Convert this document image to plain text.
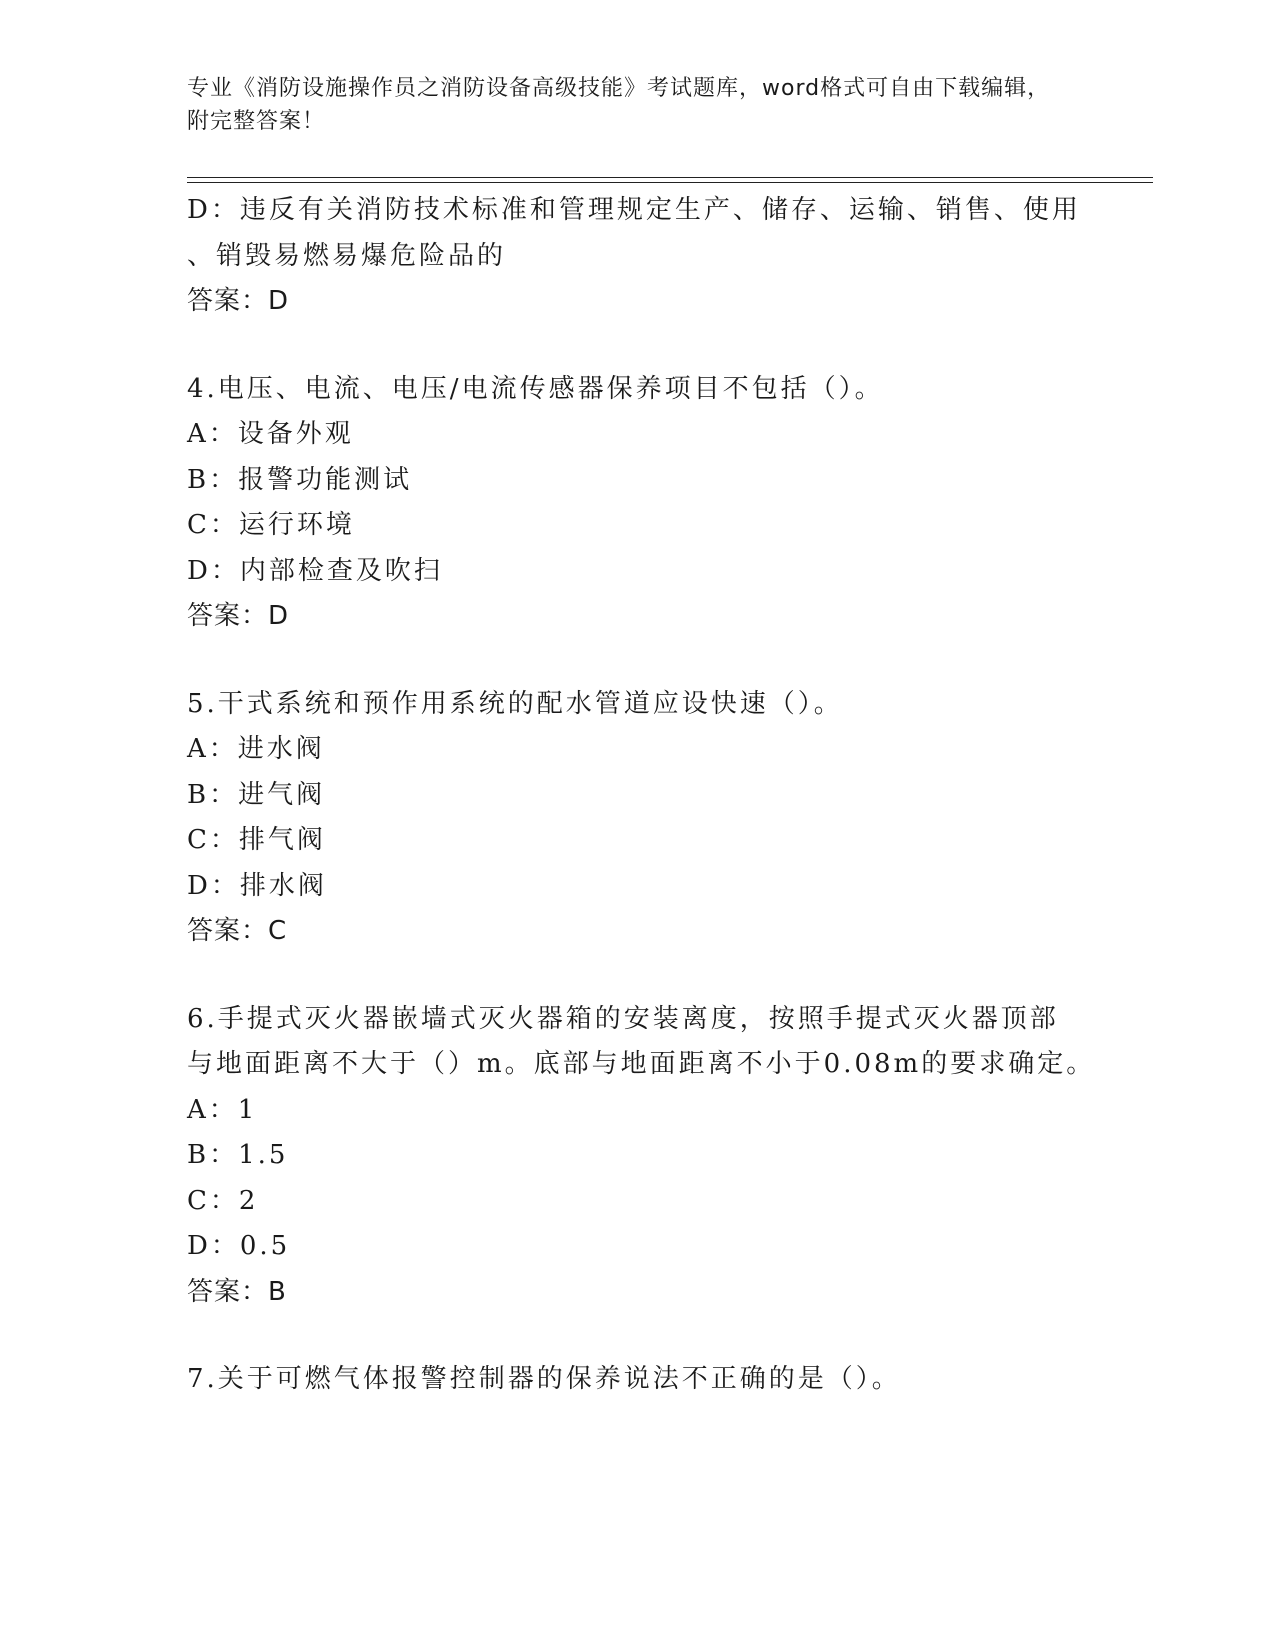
专业《消防设施操作员之消防设备高级技能》考试题库，word格式可自由下载编辑，附完整答案！
D：违反有关消防技术标准和管理规定生产、储存、运输、销售、使用
、销毁易燃易爆危险品的
答案：D
4.电压、电流、电压/电流传感器保养项目不包括（）。
A：设备外观
B：报警功能测试
C：运行环境
D：内部检查及吹扫
答案：D
5.干式系统和预作用系统的配水管道应设快速（）。
A：进水阀
B：进气阀
C：排气阀
D：排水阀
答案：C
6.手提式灭火器嵌墙式灭火器箱的安装离度，按照手提式灭火器顶部
与地面距离不大于（）m。底部与地面距离不小于0.08m的要求确定。
A：1
B：1.5
C：2
D：0.5
答案：B
7.关于可燃气体报警控制器的保养说法不正确的是（）。
